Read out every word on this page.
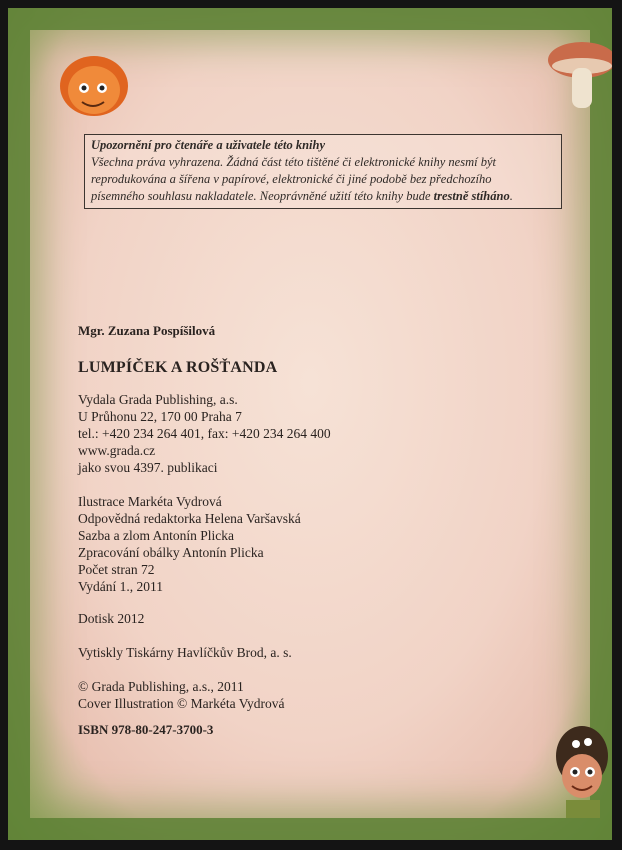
Upozornění pro čtenáře a uživatele této knihy
Všechna práva vyhrazena. Žádná část této tištěné či elektronické knihy nesmí být
reprodukována a šířena v papírové, elektronické či jiné podobě bez předchozího
písemného souhlasu nakladatele. Neoprávněné užití této knihy bude trestně stíháno.
Mgr. Zuzana Pospíšilová
LUMPÍČEK A ROŠŤANDA
Vydala Grada Publishing, a.s.
U Průhonu 22, 170 00 Praha 7
tel.: +420 234 264 401, fax: +420 234 264 400
www.grada.cz
jako svou 4397. publikaci
Ilustrace Markéta Vydrová
Odpovědná redaktorka Helena Varšavská
Sazba a zlom Antonín Plicka
Zpracování obálky Antonín Plicka
Počet stran 72
Vydání 1., 2011
Dotisk 2012
Vytiskly Tiskárny Havlíčkův Brod, a. s.
© Grada Publishing, a.s., 2011
Cover Illustration © Markéta Vydrová
ISBN 978-80-247-3700-3
